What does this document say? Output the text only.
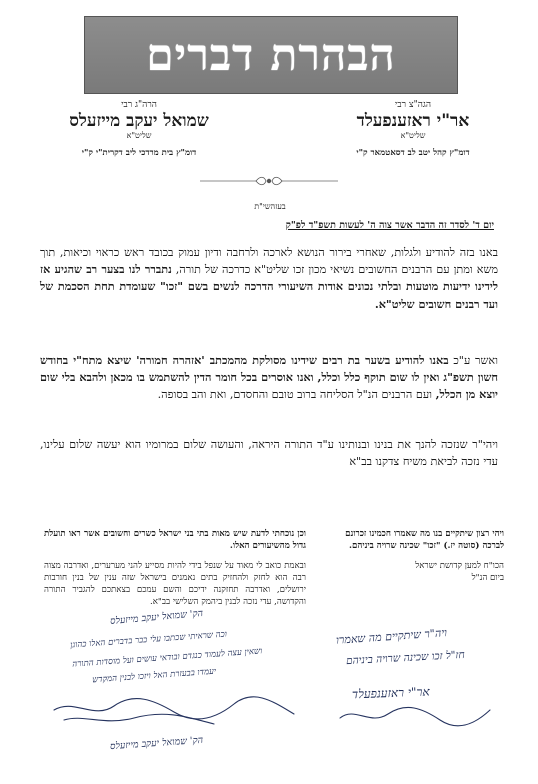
הבהרת דברים
הגה"צ רבי
אר"י ראזענפעלד
שליט"א
דומ"ץ קהל יטב לב דסאטמאר ק"י
הרה"ג רבי
שמואל יעקב מייזעלס
שליט"א
דומ"ץ בית מרדכי ליב דקרית"י ק"י
בעזהשי"ת
יום ד' לסדר זה הדבר אשר צוה ה' לעשות תשפ"ד לפ"ק
באנו בזה להודיע ולגלות, שאחרי בירור הנושא לארכה ולרחבה ודיון עמוק בכובד ראש כראוי וכיאות, תוך משא ומתן עם הרבנים החשובים נשיאי מכון זכו שליט"א כדרכה של תורה, נתברר לנו בצער רב שהגיע אז לידינו ידיעות מוטעות ובלתי נכונים אודות השיעורי הדרכה לנשים בשם "זכו" שעומדת תחת הסכמת של ועד רבנים חשובים שליט"א.
ואשר ע"כ באנו להודיע בשער בת רבים שידינו מסולקת מהמכתב 'אזהרה חמורה' שיצא מתח"י בחודש חשון תשפ"ג ואין לו שום תוקף כלל וכלל, ואנו אוסרים בכל חומר הדין להשתמש בו מכאן ולהבא בלי שום יוצא מן הכלל, ועם הרבנים הנ"ל הסליחה ברוב טובם והחסדם, ואת והב בסופה.
ויהי"ר שנזכה להנך את בנינו ובנותינו ע"ד התורה היראה, והעושה שלום במרומיו הוא יעשה שלום עלינו, עדי נזכה לביאת משיח צדקנו בב"א
ויהי רצון שיתקיים בנו מה שאמרו חכמינו זכרונם לברכה (סוטה יז.) "זכו" שכינה שרויה ביניהם.
הכו"ח למען קדושת ישראל
ביום הנ"ל
וכן נוכחתי לדעת שיש מאות בתי בני ישראל כשרים וחשובים אשר ראו תועלת גדול מהשיעורים האלו.
ובאמת כואב לי מאוד על שנפל בידי להיות מסייע להני מערערים, ואדרבה מצוה רבה הוא לחזק ולהחזיק בתים נאמנים בישראל שזה ענין של בנין חורבות ירושלים, ואדרבה תחזקנה ידיכם והשם עמכם בצאתכם להגביר התורה והקדושה, עדי נזכה לבנין ביהמק השלישי בב"א.
ויה"ר שיתקיים מה שאמרו
חז"ל זכו שכינה שרויה ביניהם
אר"י ראזענפעלד
הק' שמואל יעקב מייזעלס
וכה שראיתי שכתבו עלי כבר בדברים האלו כהוגן
ושאין עצה לעמוד כנגדם ובודאי עושים ועל מוסדות התורה
יעמדו בבעזרת האל ויזכו לבנין המקדש
הק' שמואל יעקב מייזעלס
